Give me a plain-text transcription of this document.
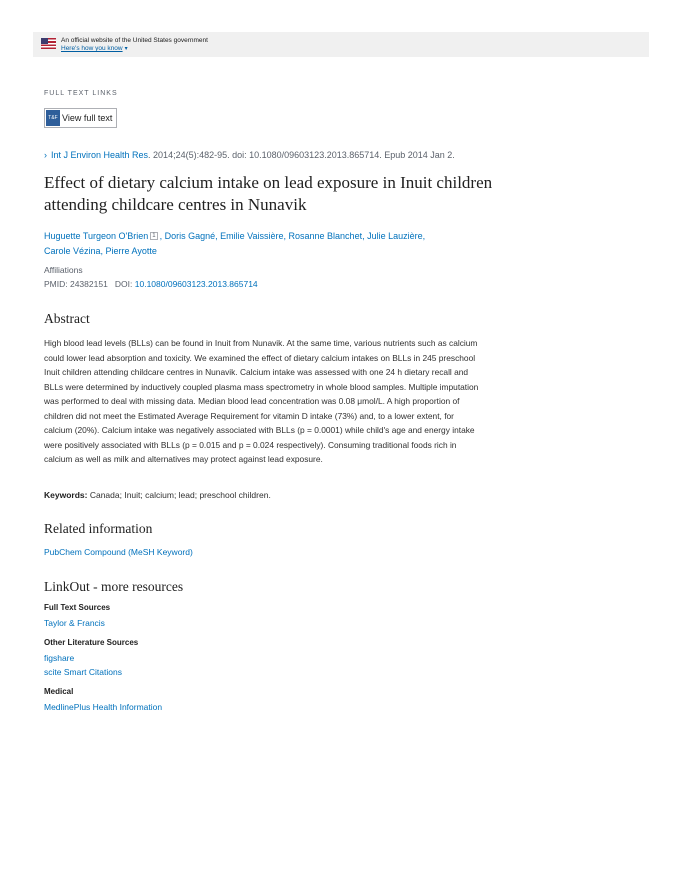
An official website of the United States government
Here's how you know ▾
FULL TEXT LINKS
T&F View full text
› Int J Environ Health Res. 2014;24(5):482-95. doi: 10.1080/09603123.2013.865714. Epub 2014 Jan 2.
Effect of dietary calcium intake on lead exposure in Inuit children attending childcare centres in Nunavik
Huguette Turgeon O'Brien $^1$ , Doris Gagné, Emilie Vaissière, Rosanne Blanchet, Julie Lauzière,
Carole Vézina, Pierre Ayotte
Affiliations
PMID: 24382151 DOI: 10.1080/09603123.2013.865714
Abstract

High blood lead levels (BLLs) can be found in Inuit from Nunavik. At the same time, various nutrients such as calcium could lower lead absorption and toxicity. We examined the effect of dietary calcium intakes on BLLs in 245 preschool Inuit children attending childcare centres in Nunavik. Calcium intake was assessed with one 24 h dietary recall and BLLs were determined by inductively coupled plasma mass spectrometry in whole blood samples. Multiple imputation was performed to deal with missing data. Median blood lead concentration was 0.08 μmol/L. A high proportion of children did not meet the Estimated Average Requirement for vitamin D intake (73%) and, to a lower extent, for calcium (20%). Calcium intake was negatively associated with BLLs (p = 0.0001) while child's age and energy intake were positively associated with BLLs (p = 0.015 and p = 0.024 respectively). Consuming traditional foods rich in calcium as well as milk and alternatives may protect against lead exposure.

Keywords: Canada; Inuit; calcium; lead; preschool children.
Related information
PubChem Compound (MeSH Keyword)
LinkOut - more resources
Full Text Sources
Taylor & Francis
Other Literature Sources
figshare
scite Smart Citations
Medical
MedlinePlus Health Information
